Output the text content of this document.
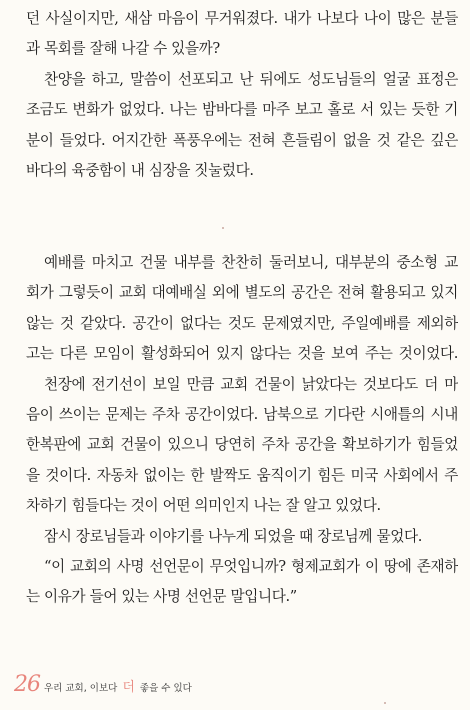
던 사실이지만, 새삼 마음이 무거워졌다. 내가 나보다 나이 많은 분들
과 목회를 잘해 나갈 수 있을까?
찬양을 하고, 말씀이 선포되고 난 뒤에도 성도님들의 얼굴 표정은
조금도 변화가 없었다. 나는 밤바다를 마주 보고 홀로 서 있는 듯한 기
분이 들었다. 어지간한 폭풍우에는 전혀 흔들림이 없을 것 같은 깊은
바다의 육중함이 내 심장을 짓눌렀다.
예배를 마치고 건물 내부를 찬찬히 둘러보니, 대부분의 중소형 교
회가 그렇듯이 교회 대예배실 외에 별도의 공간은 전혀 활용되고 있지
않는 것 같았다. 공간이 없다는 것도 문제였지만, 주일예배를 제외하
고는 다른 모임이 활성화되어 있지 않다는 것을 보여 주는 것이었다.
천장에 전기선이 보일 만큼 교회 건물이 낡았다는 것보다도 더 마
음이 쓰이는 문제는 주차 공간이었다. 남북으로 기다란 시애틀의 시내
한복판에 교회 건물이 있으니 당연히 주차 공간을 확보하기가 힘들었
을 것이다. 자동차 없이는 한 발짝도 움직이기 힘든 미국 사회에서 주
차하기 힘들다는 것이 어떤 의미인지 나는 잘 알고 있었다.
잠시 장로님들과 이야기를 나누게 되었을 때 장로님께 물었다.
“이 교회의 사명 선언문이 무엇입니까? 형제교회가 이 땅에 존재하
는 이유가 들어 있는 사명 선언문 말입니다.”
26 우리 교회, 이보다 더 좋을 수 있다
